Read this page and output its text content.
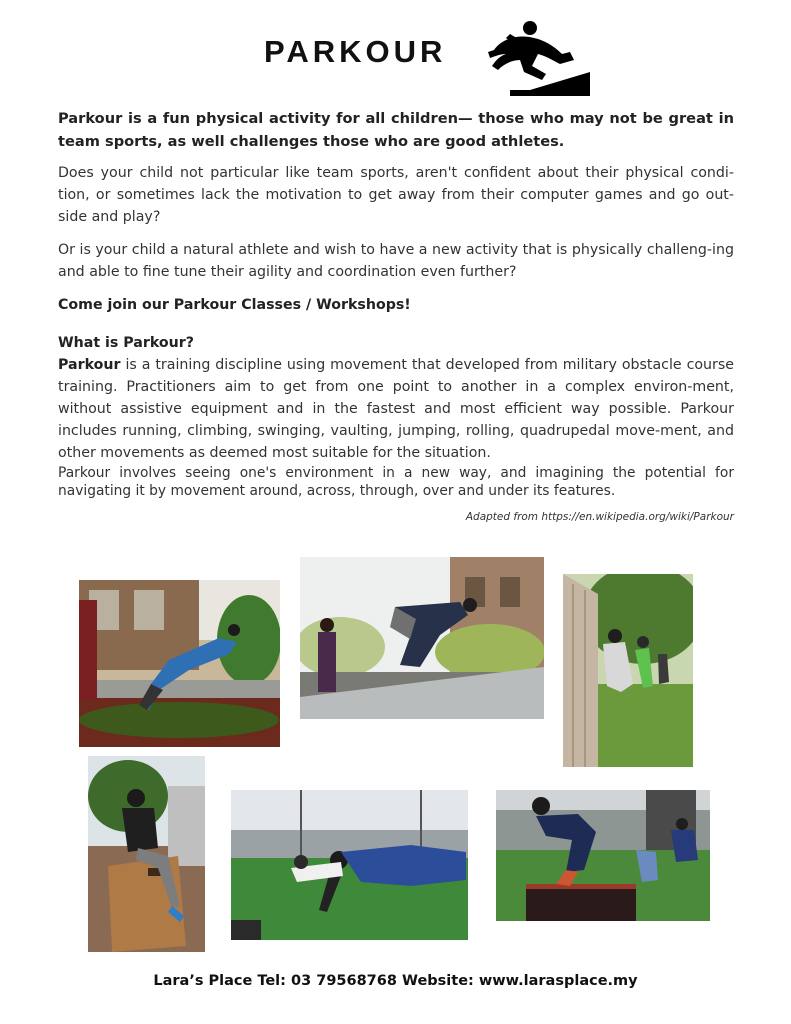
PARKOUR

Parkour is a fun physical activity for all children— those who may not be great in team sports, as well challenges those who are good athletes.

Does your child not particular like team sports, aren't confident about their physical condi-tion, or sometimes lack the motivation to get away from their computer games and go out-side and play?

Or is your child a natural athlete and wish to have a new activity that is physically challeng-ing and able to fine tune their agility and coordination even further?

Come join our Parkour Classes / Workshops!

What is Parkour?

Parkour is a training discipline using movement that developed from military obstacle course training. Practitioners aim to get from one point to another in a complex environ-ment, without assistive equipment and in the fastest and most efficient way possible. Parkour includes running, climbing, swinging, vaulting, jumping, rolling, quadrupedal move-ment, and other movements as deemed most suitable for the situation.

Parkour involves seeing one's environment in a new way, and imagining the potential for navigating it by movement around, across, through, over and under its features.

Adapted from https://en.wikipedia.org/wiki/Parkour

Lara’s Place Tel: 03 79568768 Website: www.larasplace.my
